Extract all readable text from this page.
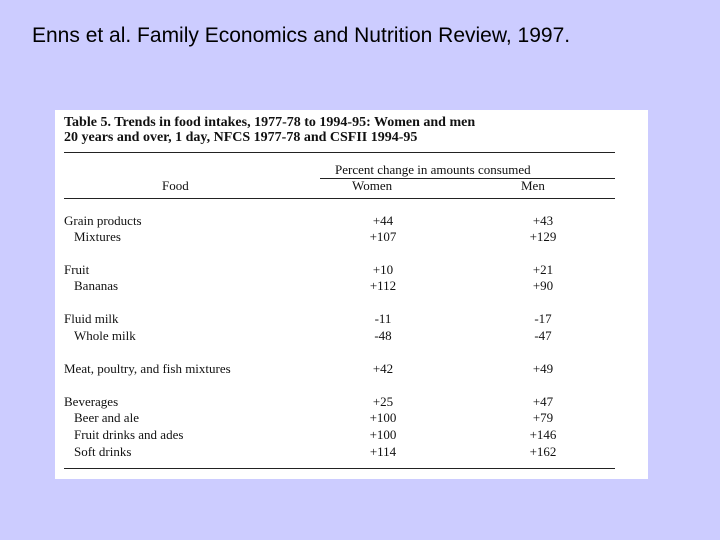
Enns et al. Family Economics and Nutrition Review, 1997.
Table 5. Trends in food intakes, 1977-78 to 1994-95: Women and men
20 years and over, 1 day, NFCS 1977-78 and CSFII 1994-95
Percent change in amounts consumed
Food	Women	Men
Grain products	+44	+43
Mixtures	+107	+129
Fruit	+10	+21
Bananas	+112	+90
Fluid milk	-11	-17
Whole milk	-48	-47
Meat, poultry, and fish mixtures	+42	+49
Beverages	+25	+47
Beer and ale	+100	+79
Fruit drinks and ades	+100	+146
Soft drinks	+114	+162
